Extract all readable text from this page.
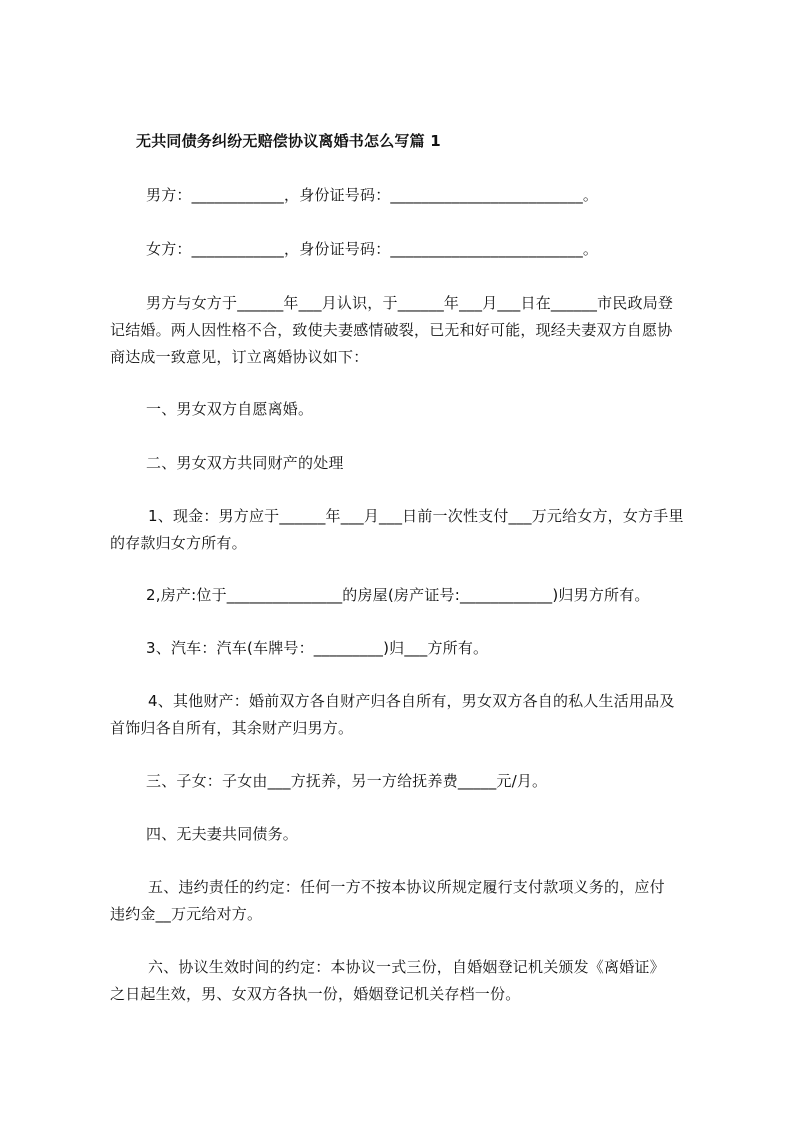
无共同债务纠纷无赔偿协议离婚书怎么写篇 1
男方：____________，身份证号码：_________________________。
女方：____________，身份证号码：_________________________。
男方与女方于______年___月认识，于______年___月___日在______市民政局登
记结婚。两人因性格不合，致使夫妻感情破裂，已无和好可能，现经夫妻双方自愿协
商达成一致意见，订立离婚协议如下：
一、男女双方自愿离婚。
二、男女双方共同财产的处理
1、现金：男方应于______年___月___日前一次性支付___万元给女方，女方手里
的存款归女方所有。
2,房产:位于_______________的房屋(房产证号:____________)归男方所有。
3、汽车：汽车(车牌号：_________)归___方所有。
4、其他财产：婚前双方各自财产归各自所有，男女双方各自的私人生活用品及
首饰归各自所有，其余财产归男方。
三、子女：子女由___方抚养，另一方给抚养费_____元/月。
四、无夫妻共同债务。
五、违约责任的约定：任何一方不按本协议所规定履行支付款项义务的，应付
违约金__万元给对方。
六、协议生效时间的约定：本协议一式三份，自婚姻登记机关颁发《离婚证》
之日起生效，男、女双方各执一份，婚姻登记机关存档一份。
